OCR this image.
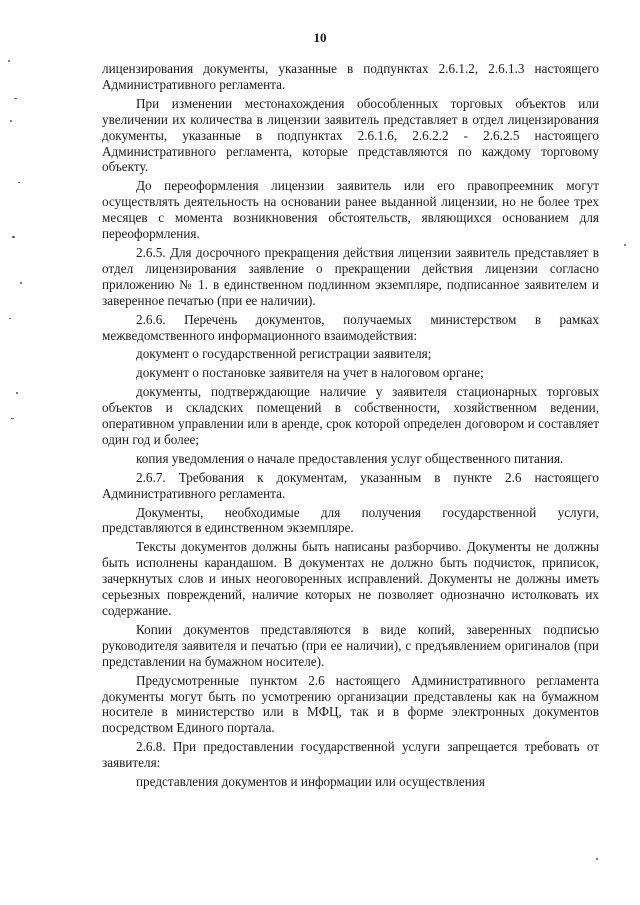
10

лицензирования документы, указанные в подпунктах 2.6.1.2, 2.6.1.3 настоящего Административного регламента.

При изменении местонахождения обособленных торговых объектов или увеличении их количества в лицензии заявитель представляет в отдел лицензирования документы, указанные в подпунктах 2.6.1.6, 2.6.2.2 - 2.6.2.5 настоящего Административного регламента, которые представляются по каждому торговому объекту.

До переоформления лицензии заявитель или его правопреемник могут осуществлять деятельность на основании ранее выданной лицензии, но не более трех месяцев с момента возникновения обстоятельств, являющихся основанием для переоформления.

2.6.5. Для досрочного прекращения действия лицензии заявитель представляет в отдел лицензирования заявление о прекращении действия лицензии согласно приложению № 1. в единственном подлинном экземпляре, подписанное заявителем и заверенное печатью (при ее наличии).

2.6.6. Перечень документов, получаемых министерством в рамках межведомственного информационного взаимодействия:

документ о государственной регистрации заявителя;

документ о постановке заявителя на учет в налоговом органе;

документы, подтверждающие наличие у заявителя стационарных торговых объектов и складских помещений в собственности, хозяйственном ведении, оперативном управлении или в аренде, срок которой определен договором и составляет один год и более;

копия уведомления о начале предоставления услуг общественного питания.

2.6.7. Требования к документам, указанным в пункте 2.6 настоящего Административного регламента.

Документы, необходимые для получения государственной услуги, представляются в единственном экземпляре.

Тексты документов должны быть написаны разборчиво. Документы не должны быть исполнены карандашом. В документах не должно быть подчисток, приписок, зачеркнутых слов и иных неоговоренных исправлений. Документы не должны иметь серьезных повреждений, наличие которых не позволяет однозначно истолковать их содержание.

Копии документов представляются в виде копий, заверенных подписью руководителя заявителя и печатью (при ее наличии), с предъявлением оригиналов (при представлении на бумажном носителе).

Предусмотренные пунктом 2.6 настоящего Административного регламента документы могут быть по усмотрению организации представлены как на бумажном носителе в министерство или в МФЦ, так и в форме электронных документов посредством Единого портала.

2.6.8. При предоставлении государственной услуги запрещается требовать от заявителя:

представления документов и информации или осуществления
